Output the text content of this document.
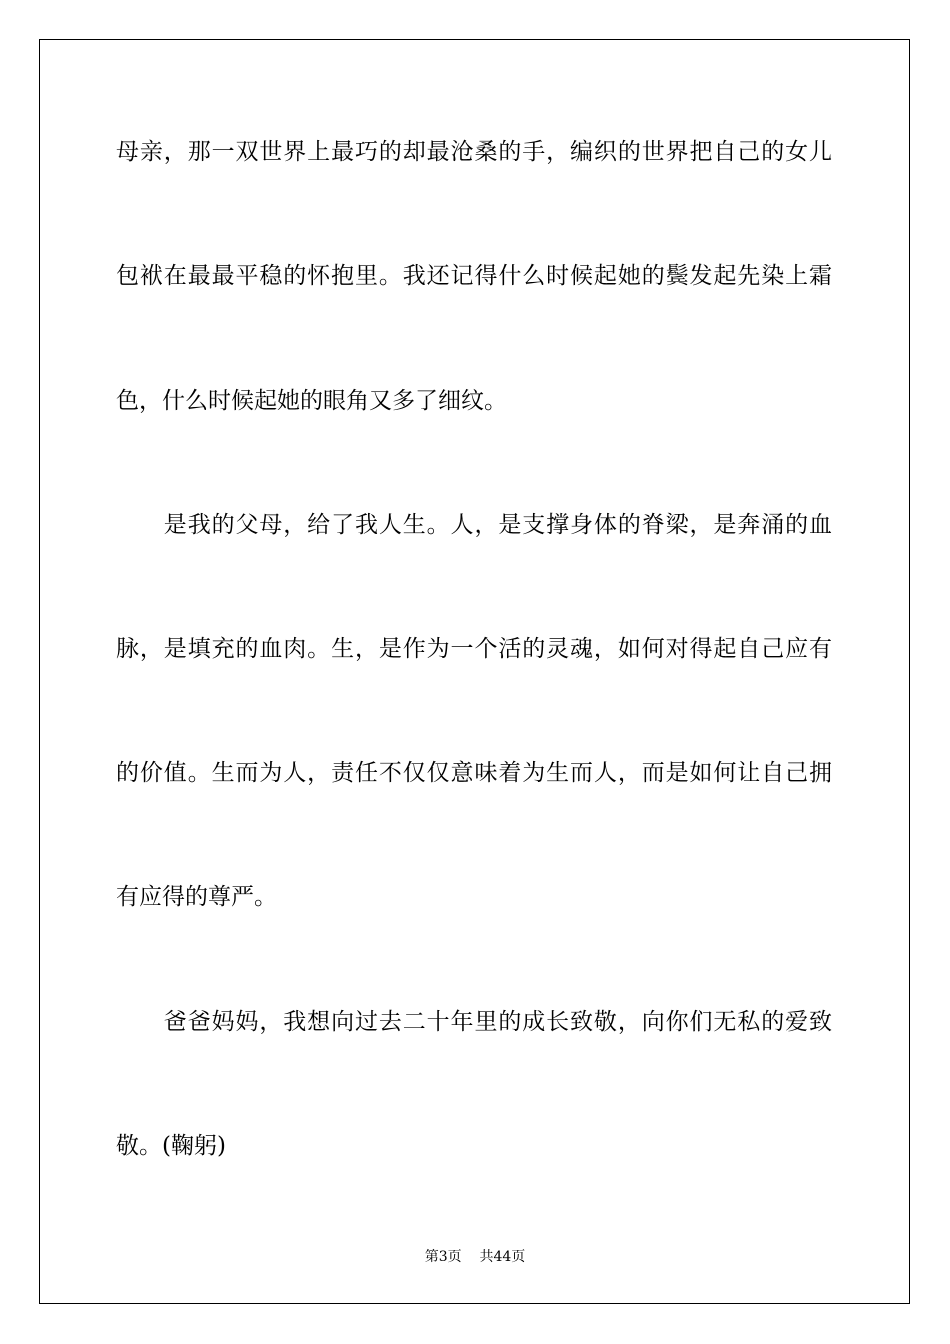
母亲，那一双世界上最巧的却最沧桑的手，编织的世界把自己的女儿
包袱在最最平稳的怀抱里。我还记得什么时候起她的鬓发起先染上霜
色，什么时候起她的眼角又多了细纹。
　　是我的父母，给了我人生。人，是支撑身体的脊梁，是奔涌的血
脉，是填充的血肉。生，是作为一个活的灵魂，如何对得起自己应有
的价值。生而为人，责任不仅仅意味着为生而人，而是如何让自己拥
有应得的尊严。
　　爸爸妈妈，我想向过去二十年里的成长致敬，向你们无私的爱致
敬。(鞠躬)
第3页 共44页
